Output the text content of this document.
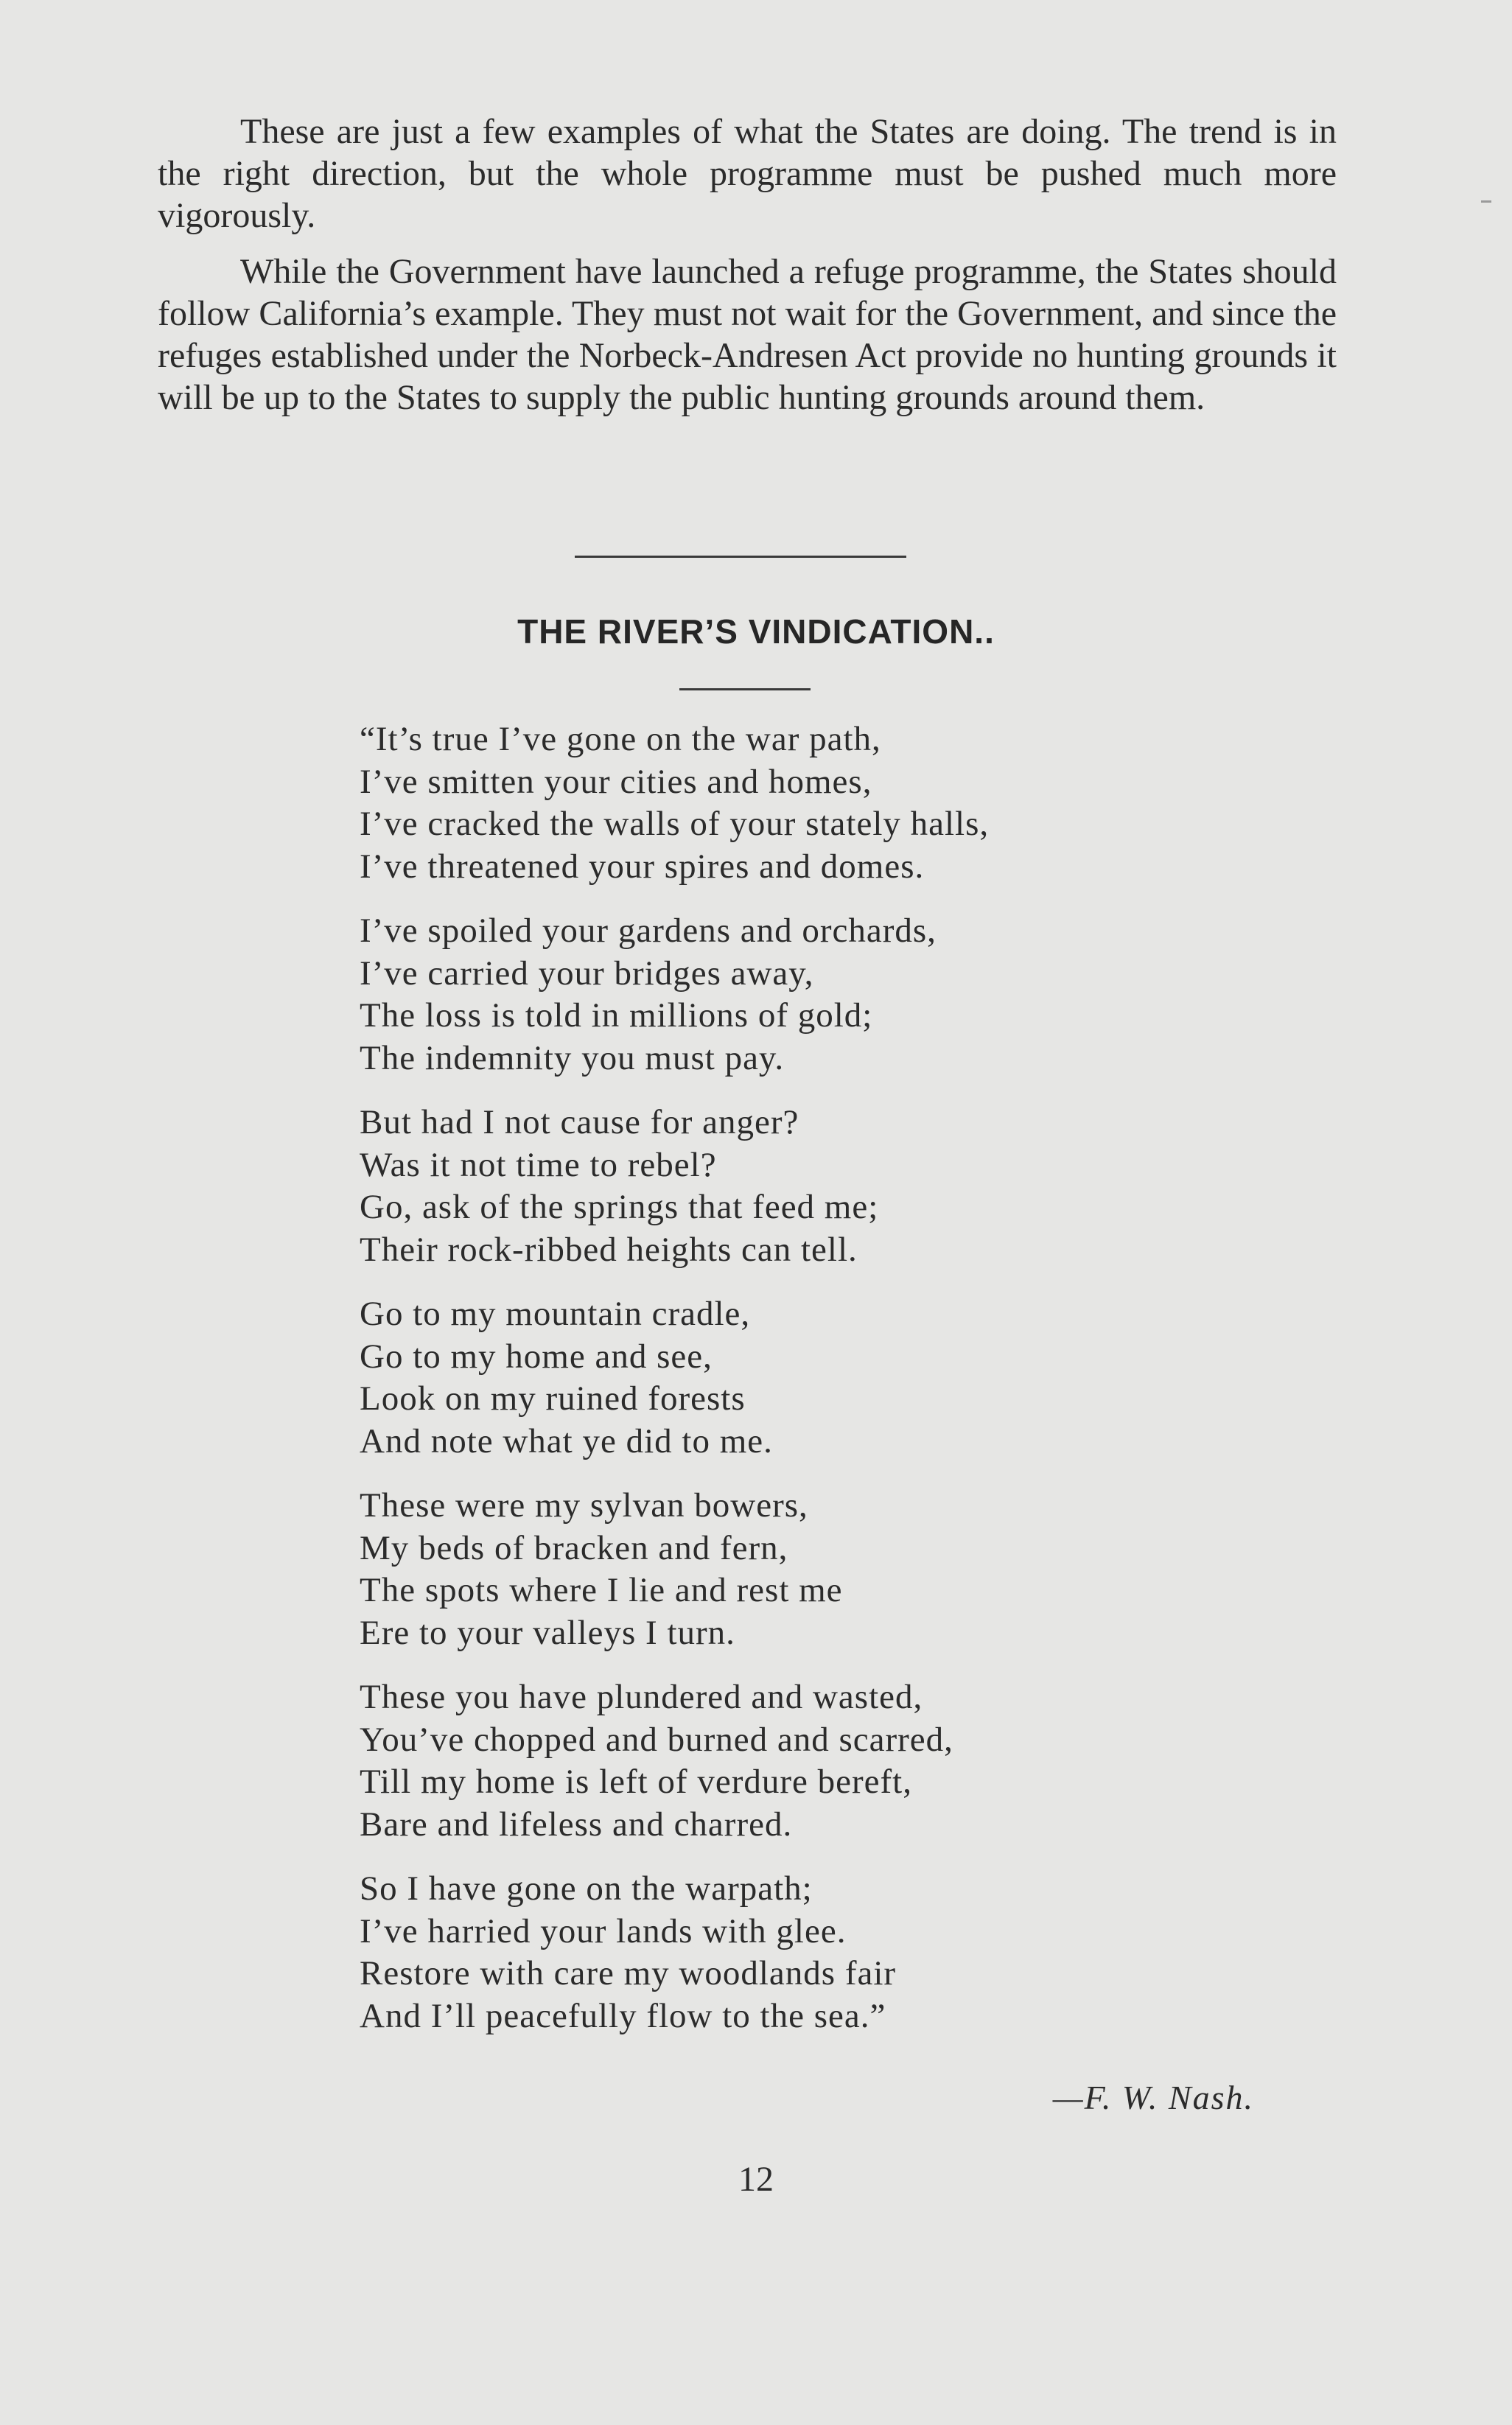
These are just a few examples of what the States are doing. The trend is in the right direction, but the whole programme must be pushed much more vigorously.

While the Government have launched a refuge programme, the States should follow California’s example. They must not wait for the Government, and since the refuges established under the Norbeck-Andresen Act provide no hunting grounds it will be up to the States to supply the public hunting grounds around them.

THE RIVER’S VINDICATION..
“It’s true I’ve gone on the war path,
I’ve smitten your cities and homes,
I’ve cracked the walls of your stately halls,
I’ve threatened your spires and domes.
I’ve spoiled your gardens and orchards,
I’ve carried your bridges away,
The loss is told in millions of gold;
The indemnity you must pay.
But had I not cause for anger?
Was it not time to rebel?
Go, ask of the springs that feed me;
Their rock-ribbed heights can tell.
Go to my mountain cradle,
Go to my home and see,
Look on my ruined forests
And note what ye did to me.
These were my sylvan bowers,
My beds of bracken and fern,
The spots where I lie and rest me
Ere to your valleys I turn.
These you have plundered and wasted,
You’ve chopped and burned and scarred,
Till my home is left of verdure bereft,
Bare and lifeless and charred.
So I have gone on the warpath;
I’ve harried your lands with glee.
Restore with care my woodlands fair
And I’ll peacefully flow to the sea.”

—F. W. Nash.

12
